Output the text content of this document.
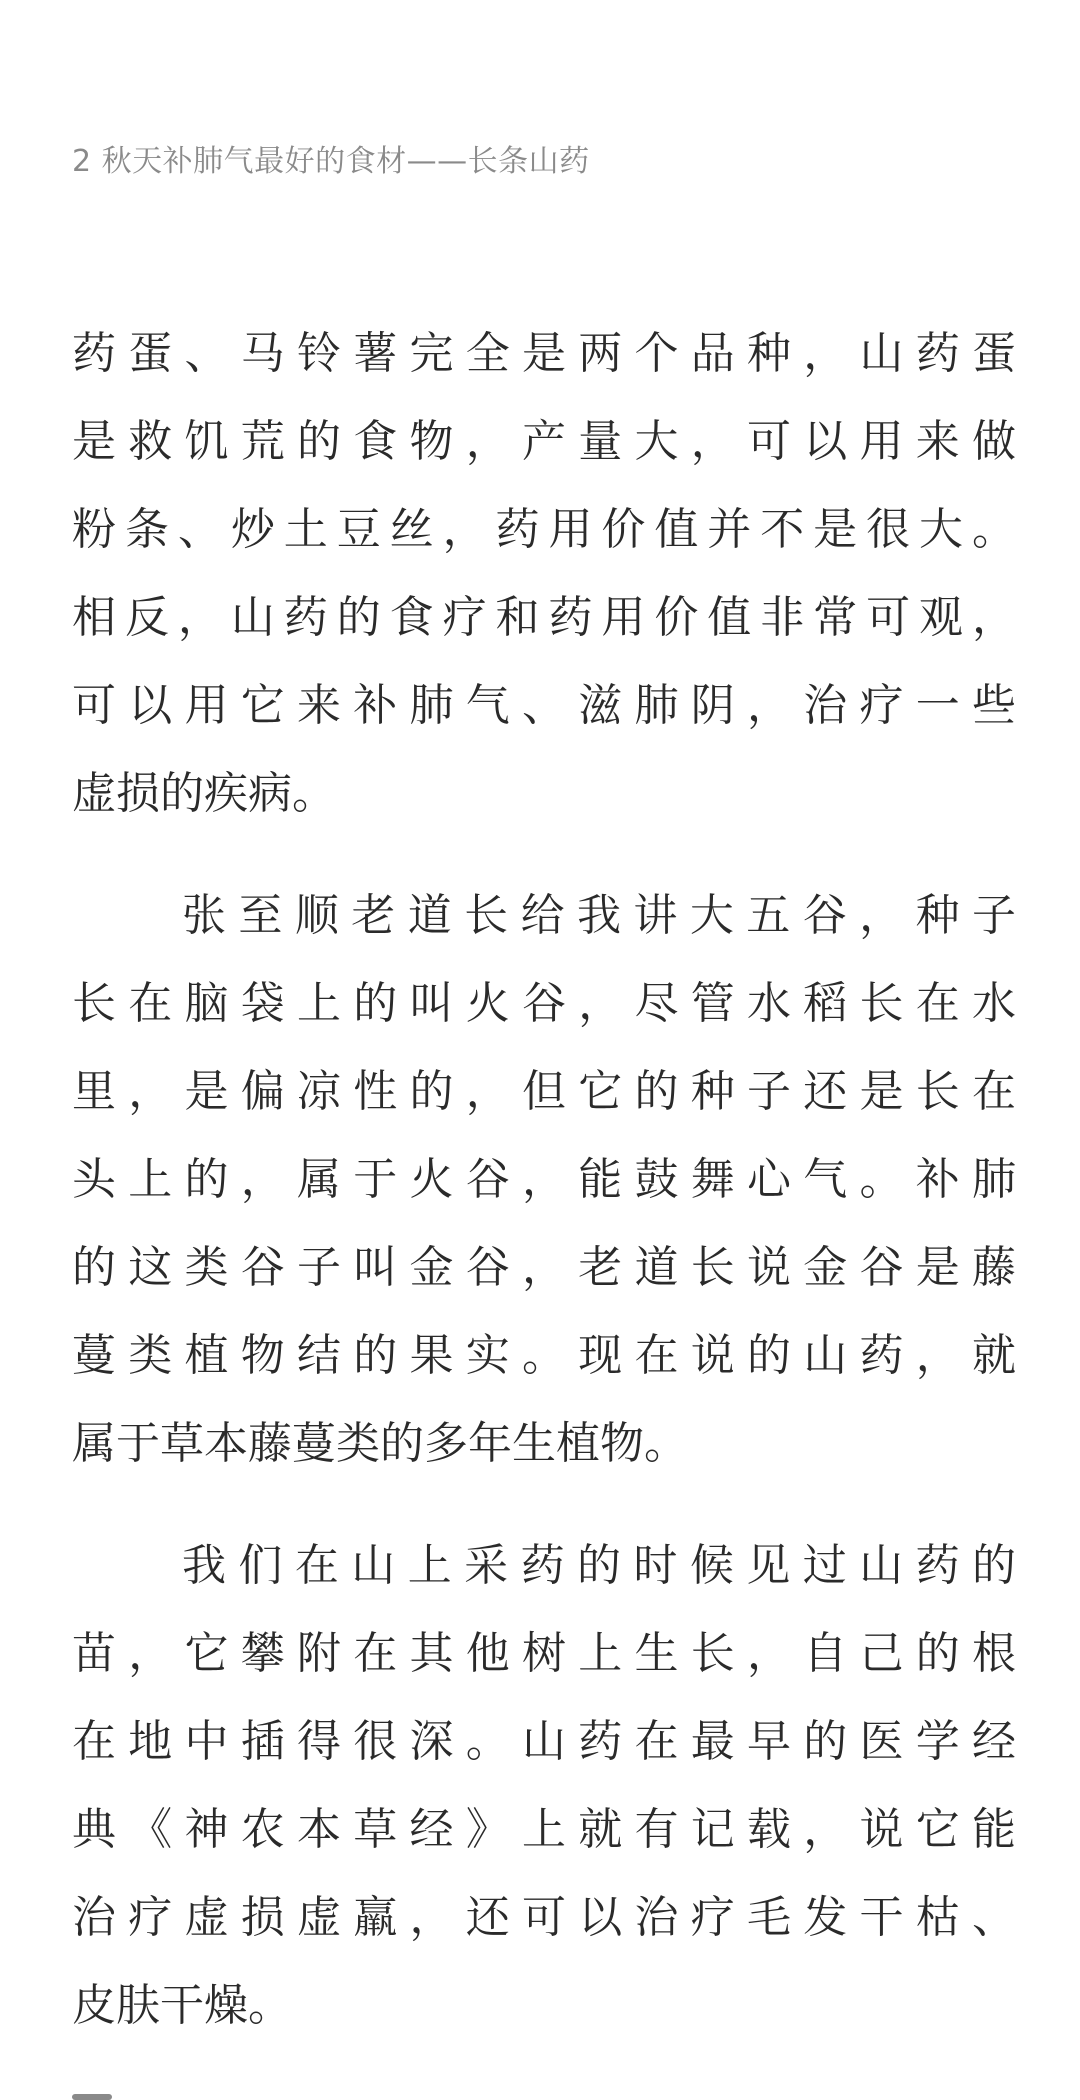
2 秋天补肺气最好的食材——长条山药
药蛋、马铃薯完全是两个品种，山药蛋
是救饥荒的食物，产量大，可以用来做
粉条、炒土豆丝，药用价值并不是很大。
相反，山药的食疗和药用价值非常可观，
可以用它来补肺气、滋肺阴，治疗一些
虚损的疾病。
张至顺老道长给我讲大五谷，种子
长在脑袋上的叫火谷，尽管水稻长在水
里，是偏凉性的，但它的种子还是长在
头上的，属于火谷，能鼓舞心气。补肺
的这类谷子叫金谷，老道长说金谷是藤
蔓类植物结的果实。现在说的山药，就
属于草本藤蔓类的多年生植物。
我们在山上采药的时候见过山药的
苗，它攀附在其他树上生长，自己的根
在地中插得很深。山药在最早的医学经
典《神农本草经》上就有记载，说它能
治疗虚损虚羸，还可以治疗毛发干枯、
皮肤干燥。
